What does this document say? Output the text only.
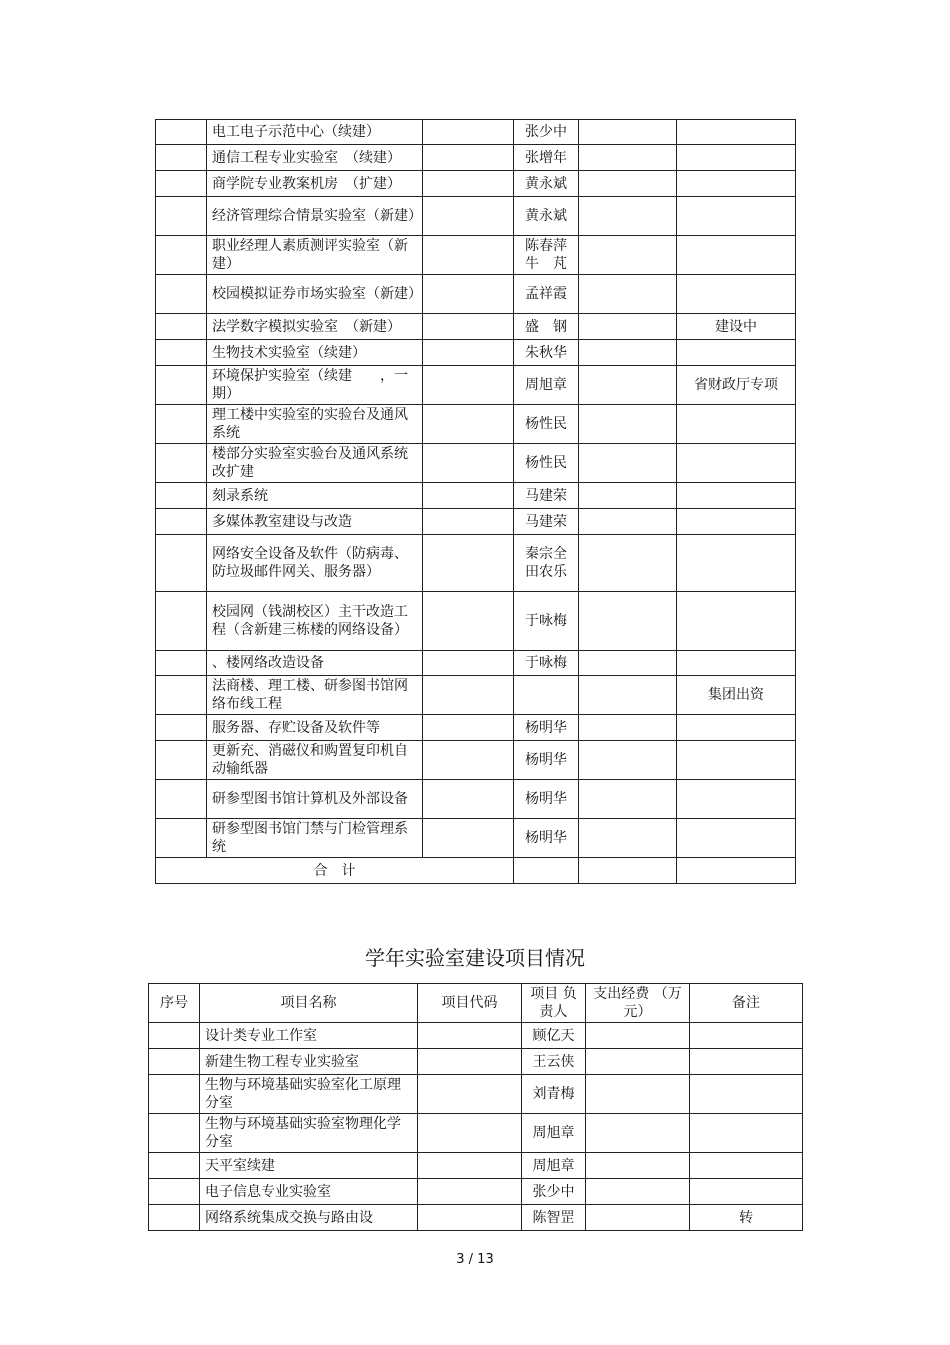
	电工电子示范中心（续建）		张少中		
	通信工程专业实验室　（续建）		张增年		
	商学院专业教案机房　（扩建）		黄永斌		
	经济管理综合情景实验室（新建）		黄永斌		
	职业经理人素质测评实验室（新建）		陈春萍 牛　芃		
	校园模拟证券市场实验室（新建）		孟祥霞		
	法学数字模拟实验室　（新建）		盛　钢		建设中
	生物技术实验室（续建）		朱秋华		
	环境保护实验室（续建　　，一期）		周旭章		省财政厅专项
	理工楼中实验室的实验台及通风系统		杨性民		
	楼部分实验室实验台及通风系统改扩建		杨性民		
	刻录系统		马建荣		
	多媒体教室建设与改造		马建荣		
	网络安全设备及软件（防病毒、防垃圾邮件网关、服务器）		秦宗全 田农乐		
	校园网（钱湖校区）主干改造工程（含新建三栋楼的网络设备）		于咏梅		
	、楼网络改造设备		于咏梅		
	法商楼、理工楼、研参图书馆网络布线工程				集团出资
	服务器、存贮设备及软件等		杨明华		
	更新充、消磁仪和购置复印机自动输纸器		杨明华		
	研参型图书馆计算机及外部设备		杨明华		
	研参型图书馆门禁与门检管理系统		杨明华		
合　计					
学年实验室建设项目情况
序号	项目名称	项目代码	项目 负责人	支出经费 （万元）	备注
	设计类专业工作室		顾亿天		
	新建生物工程专业实验室		王云侠		
	生物与环境基础实验室化工原理分室		刘青梅		
	生物与环境基础实验室物理化学分室		周旭章		
	天平室续建		周旭章		
	电子信息专业实验室		张少中		
	网络系统集成交换与路由设		陈智罡		转
3 / 13
